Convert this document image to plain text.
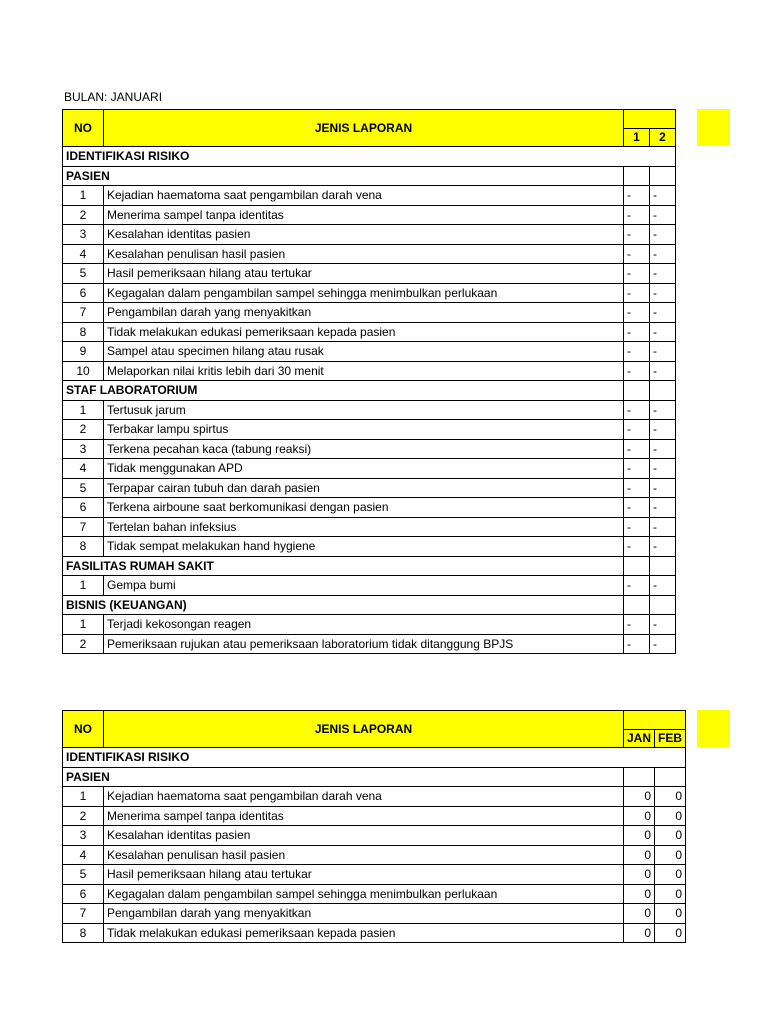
BULAN: JANUARI
NO	JENIS LAPORAN		
		1	2
IDENTIFIKASI RISIKO			
PASIEN			
1	Kejadian haematoma saat pengambilan darah vena	-	-
2	Menerima sampel tanpa identitas	-	-
3	Kesalahan identitas pasien	-	-
4	Kesalahan penulisan hasil pasien	-	-
5	Hasil pemeriksaan hilang atau tertukar	-	-
6	Kegagalan dalam pengambilan sampel sehingga menimbulkan perlukaan	-	-
7	Pengambilan darah yang menyakitkan	-	-
8	Tidak melakukan edukasi pemeriksaan kepada pasien	-	-
9	Sampel atau specimen hilang atau rusak	-	-
10	Melaporkan nilai kritis lebih dari 30 menit	-	-
STAF LABORATORIUM			
1	Tertusuk jarum	-	-
2	Terbakar lampu spirtus	-	-
3	Terkena pecahan kaca (tabung reaksi)	-	-
4	Tidak menggunakan APD	-	-
5	Terpapar cairan tubuh dan darah pasien	-	-
6	Terkena airboune saat berkomunikasi dengan pasien	-	-
7	Tertelan bahan infeksius	-	-
8	Tidak sempat melakukan hand hygiene	-	-
FASILITAS RUMAH SAKIT			
1	Gempa bumi	-	-
BISNIS (KEUANGAN)			
1	Terjadi kekosongan reagen	-	-
2	Pemeriksaan rujukan atau pemeriksaan laboratorium tidak ditanggung BPJS	-	-
NO	JENIS LAPORAN		
		JAN	FEB
IDENTIFIKASI RISIKO			
PASIEN			
1	Kejadian haematoma saat pengambilan darah vena	0	0
2	Menerima sampel tanpa identitas	0	0
3	Kesalahan identitas pasien	0	0
4	Kesalahan penulisan hasil pasien	0	0
5	Hasil pemeriksaan hilang atau tertukar	0	0
6	Kegagalan dalam pengambilan sampel sehingga menimbulkan perlukaan	0	0
7	Pengambilan darah yang menyakitkan	0	0
8	Tidak melakukan edukasi pemeriksaan kepada pasien	0	0
